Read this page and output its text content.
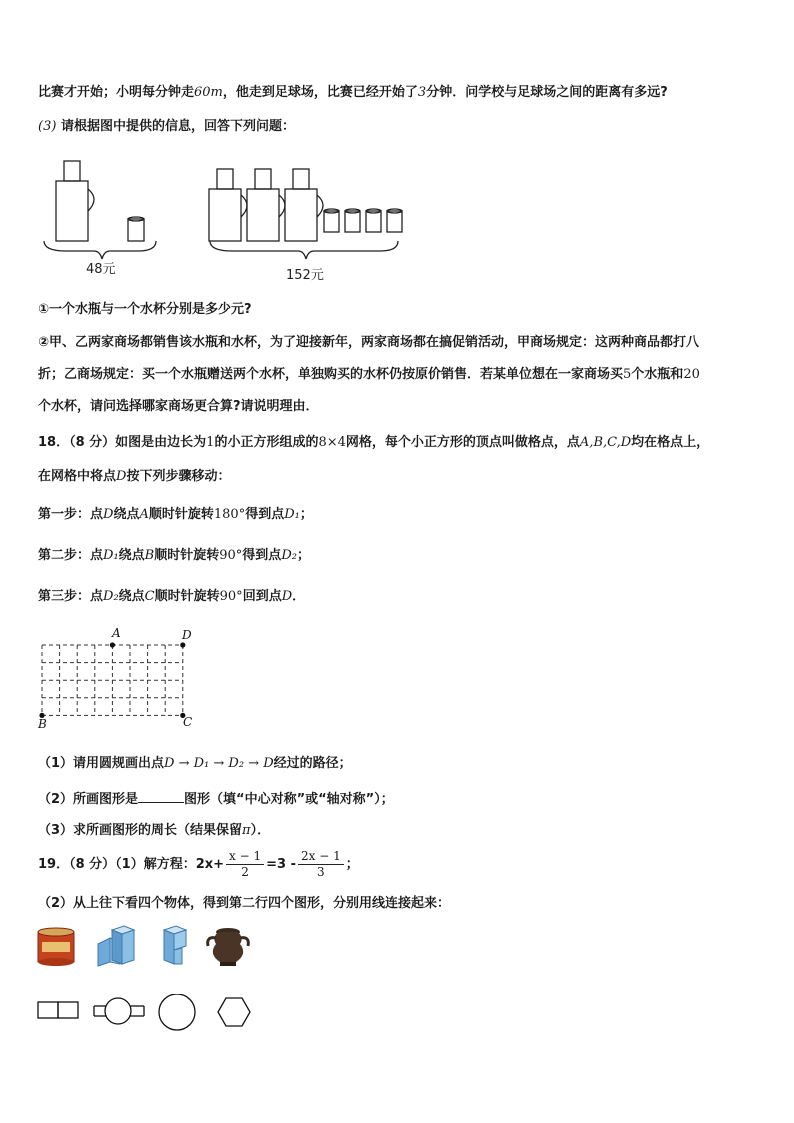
比赛才开始；小明每分钟走60m，他走到足球场，比赛已经开始了3分钟．问学校与足球场之间的距离有多远?
(3) 请根据图中提供的信息，回答下列问题：
48元	152元
①一个水瓶与一个水杯分别是多少元?
②甲、乙两家商场都销售该水瓶和水杯，为了迎接新年，两家商场都在搞促销活动，甲商场规定：这两种商品都打八
折；乙商场规定：买一个水瓶赠送两个水杯，单独购买的水杯仍按原价销售．若某单位想在一家商场买5个水瓶和20
个水杯，请问选择哪家商场更合算?请说明理由．
18．（8 分）如图是由边长为1的小正方形组成的8×4网格，每个小正方形的顶点叫做格点，点A,B,C,D均在格点上，
在网格中将点D按下列步骤移动：
第一步：点D绕点A顺时针旋转180°得到点D₁；
第二步：点D₁绕点B顺时针旋转90°得到点D₂；
第三步：点D₂绕点C顺时针旋转90°回到点D．
A	D
B	C
（1）请用圆规画出点D → D₁ → D₂ → D经过的路径；
（2）所画图形是	图形（填“中心对称”或“轴对称”）；
（3）求所画图形的周长（结果保留π）．
19．（8 分）（1）解方程：$2x+ \frac{x - 1}{2} =3 - \frac{2x - 1}{3}$ ；
（2）从上往下看四个物体，得到第二行四个图形，分别用线连接起来：
